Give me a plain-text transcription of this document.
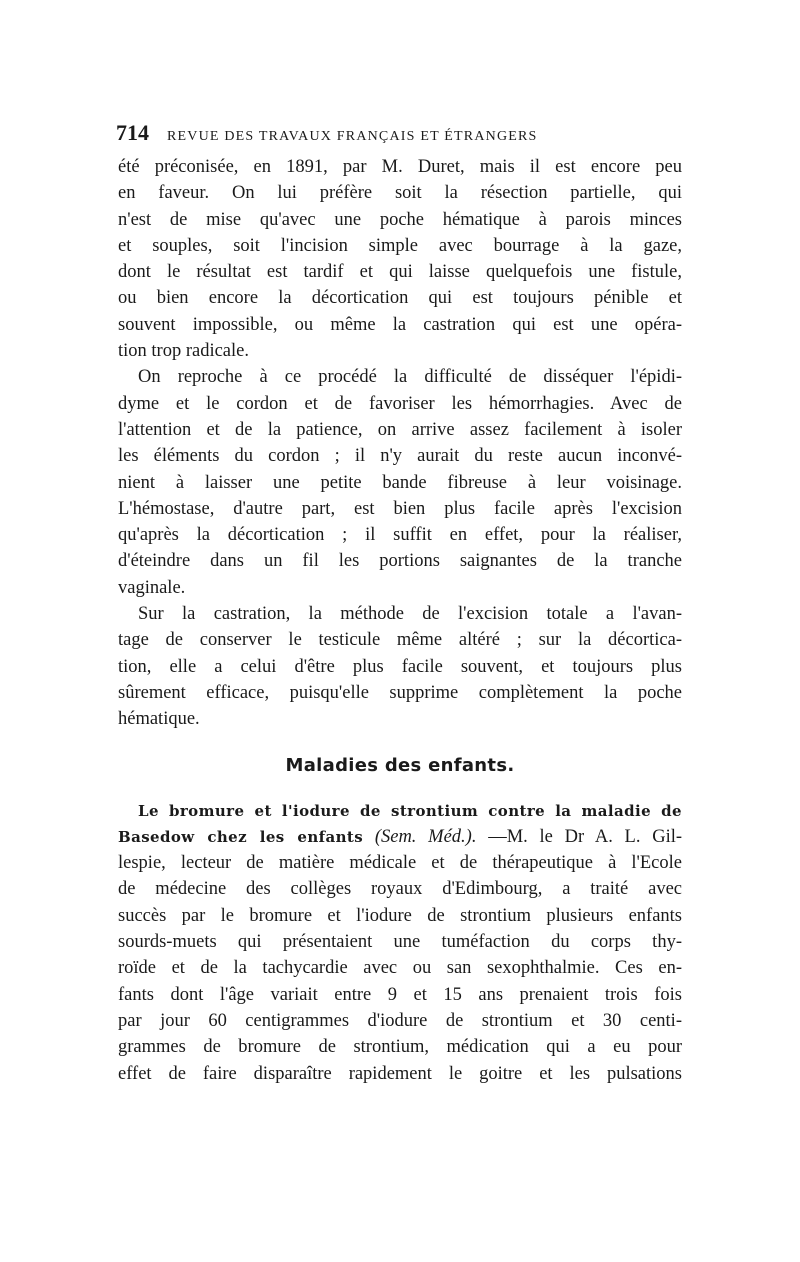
714 REVUE DES TRAVAUX FRANÇAIS ET ÉTRANGERS
été préconisée, en 1891, par M. Duret, mais il est encore peu
en faveur. On lui préfère soit la résection partielle, qui
n'est de mise qu'avec une poche hématique à parois minces
et souples, soit l'incision simple avec bourrage à la gaze,
dont le résultat est tardif et qui laisse quelquefois une fistule,
ou bien encore la décortication qui est toujours pénible et
souvent impossible, ou même la castration qui est une opéra-
tion trop radicale.
On reproche à ce procédé la difficulté de disséquer l'épidi-
dyme et le cordon et de favoriser les hémorrhagies. Avec de
l'attention et de la patience, on arrive assez facilement à isoler
les éléments du cordon ; il n'y aurait du reste aucun inconvé-
nient à laisser une petite bande fibreuse à leur voisinage.
L'hémostase, d'autre part, est bien plus facile après l'excision
qu'après la décortication ; il suffit en effet, pour la réaliser,
d'éteindre dans un fil les portions saignantes de la tranche
vaginale.
Sur la castration, la méthode de l'excision totale a l'avan-
tage de conserver le testicule même altéré ; sur la décortica-
tion, elle a celui d'être plus facile souvent, et toujours plus
sûrement efficace, puisqu'elle supprime complètement la poche
hématique.
Maladies des enfants.
Le bromure et l'iodure de strontium contre la maladie de
Basedow chez les enfants (Sem. Méd.). —M. le Dr A. L. Gil-
lespie, lecteur de matière médicale et de thérapeutique à l'Ecole
de médecine des collèges royaux d'Edimbourg, a traité avec
succès par le bromure et l'iodure de strontium plusieurs enfants
sourds-muets qui présentaient une tuméfaction du corps thy-
roïde et de la tachycardie avec ou san sexophthalmie. Ces en-
fants dont l'âge variait entre 9 et 15 ans prenaient trois fois
par jour 60 centigrammes d'iodure de strontium et 30 centi-
grammes de bromure de strontium, médication qui a eu pour
effet de faire disparaître rapidement le goitre et les pulsations
